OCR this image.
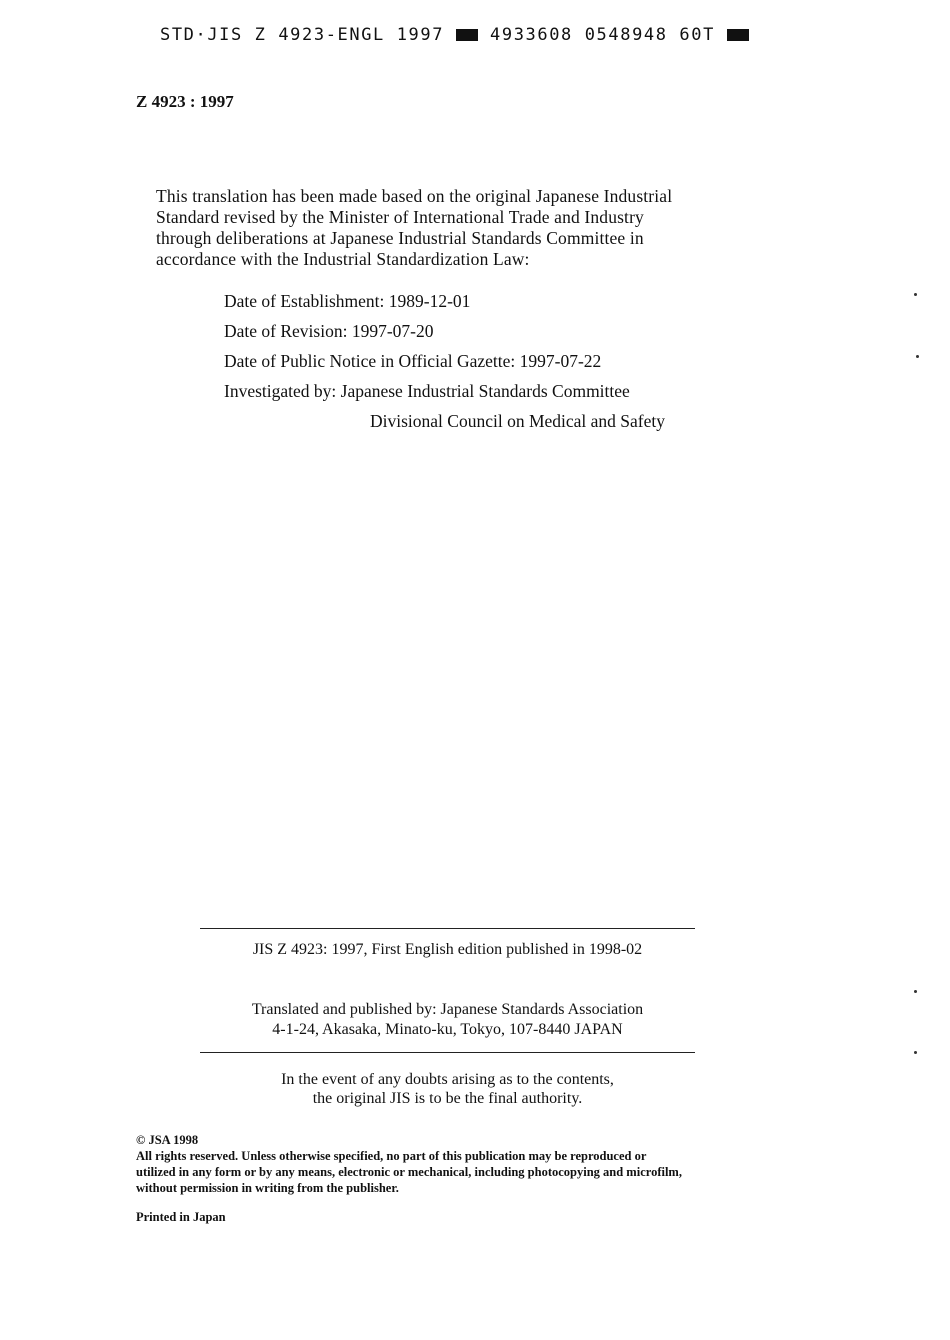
STD·JIS Z 4923-ENGL 1997	4933608 0548948 60T
Z 4923 : 1997
This translation has been made based on the original Japanese Industrial
Standard revised by the Minister of International Trade and Industry
through deliberations at Japanese Industrial Standards Committee in
accordance with the Industrial Standardization Law:
Date of Establishment: 1989-12-01
Date of Revision: 1997-07-20
Date of Public Notice in Official Gazette: 1997-07-22
Investigated by: Japanese Industrial Standards Committee
Divisional Council on Medical and Safety
JIS Z 4923: 1997, First English edition published in 1998-02
Translated and published by: Japanese Standards Association
4-1-24, Akasaka, Minato-ku, Tokyo, 107-8440 JAPAN
In the event of any doubts arising as to the contents,
the original JIS is to be the final authority.
© JSA 1998
All rights reserved. Unless otherwise specified, no part of this publication may be reproduced or
utilized in any form or by any means, electronic or mechanical, including photocopying and microfilm,
without permission in writing from the publisher.
Printed in Japan
